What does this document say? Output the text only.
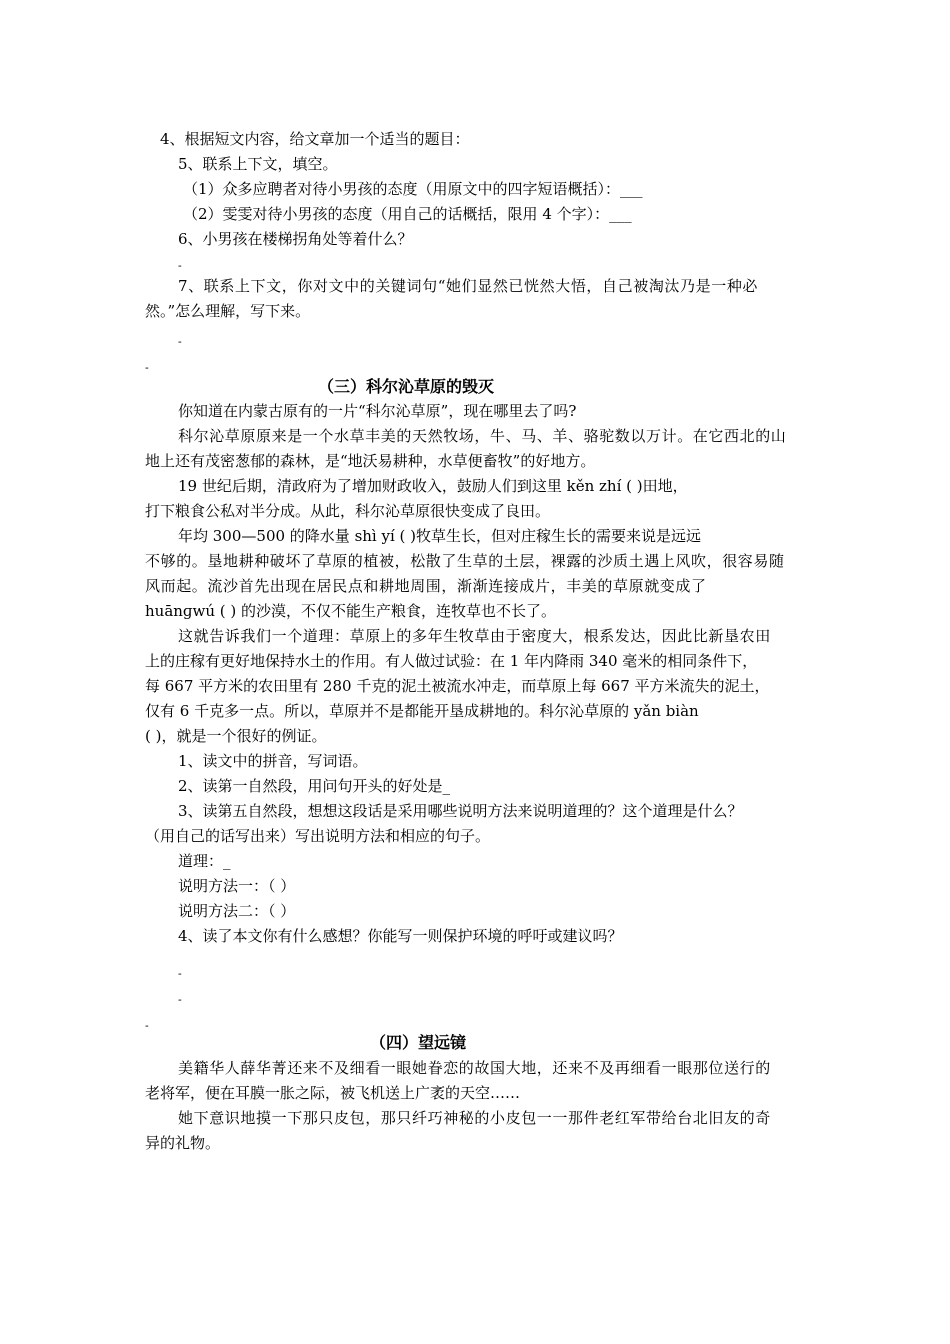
4、根据短文内容，给文章加一个适当的题目：
5、联系上下文，填空。
（1）众多应聘者对待小男孩的态度（用原文中的四字短语概括）：___
（2）雯雯对待小男孩的态度（用自己的话概括，限用 4 个字）：___
6、小男孩在楼梯拐角处等着什么？
-
7、联系上下文，你对文中的关键词句“她们显然已恍然大悟，自己被淘汰乃是一种必
然。”怎么理解，写下来。
-
-
（三）科尔沁草原的毁灭
你知道在内蒙古原有的一片“科尔沁草原”，现在哪里去了吗?
科尔沁草原原来是一个水草丰美的天然牧场，牛、马、羊、骆驼数以万计。在它西北的山
地上还有茂密葱郁的森林，是“地沃易耕种，水草便畜牧”的好地方。
19 世纪后期，清政府为了增加财政收入，鼓励人们到这里 kěn zhí ( )田地，
打下粮食公私对半分成。从此，科尔沁草原很快变成了良田。
年均 300—500 的降水量 shì yí ( )牧草生长，但对庄稼生长的需要来说是远远
不够的。垦地耕种破坏了草原的植被，松散了生草的土层，裸露的沙质土遇上风吹，很容易随
风而起。流沙首先出现在居民点和耕地周围，渐渐连接成片，丰美的草原就变成了
huānɡwú ( ) 的沙漠，不仅不能生产粮食，连牧草也不长了。
这就告诉我们一个道理：草原上的多年生牧草由于密度大，根系发达，因此比新垦农田
上的庄稼有更好地保持水土的作用。有人做过试验：在 1 年内降雨 340 毫米的相同条件下，
每 667 平方米的农田里有 280 千克的泥土被流水冲走，而草原上每 667 平方米流失的泥土，
仅有 6 千克多一点。所以，草原并不是都能开垦成耕地的。科尔沁草原的 yǎn biàn
( )，就是一个很好的例证。
1、读文中的拼音，写词语。
2、读第一自然段，用问句开头的好处是_
3、读第五自然段，想想这段话是采用哪些说明方法来说明道理的？这个道理是什么？
（用自己的话写出来）写出说明方法和相应的句子。
道理：_
说明方法一：（ ）
说明方法二：（ ）
4、读了本文你有什么感想？你能写一则保护环境的呼吁或建议吗？
-
-
-
（四）望远镜
美籍华人薛华菁还来不及细看一眼她眷恋的故国大地，还来不及再细看一眼那位送行的
老将军，便在耳膜一胀之际，被飞机送上广袤的天空……
她下意识地摸一下那只皮包，那只纤巧神秘的小皮包一一那件老红军带给台北旧友的奇
异的礼物。
